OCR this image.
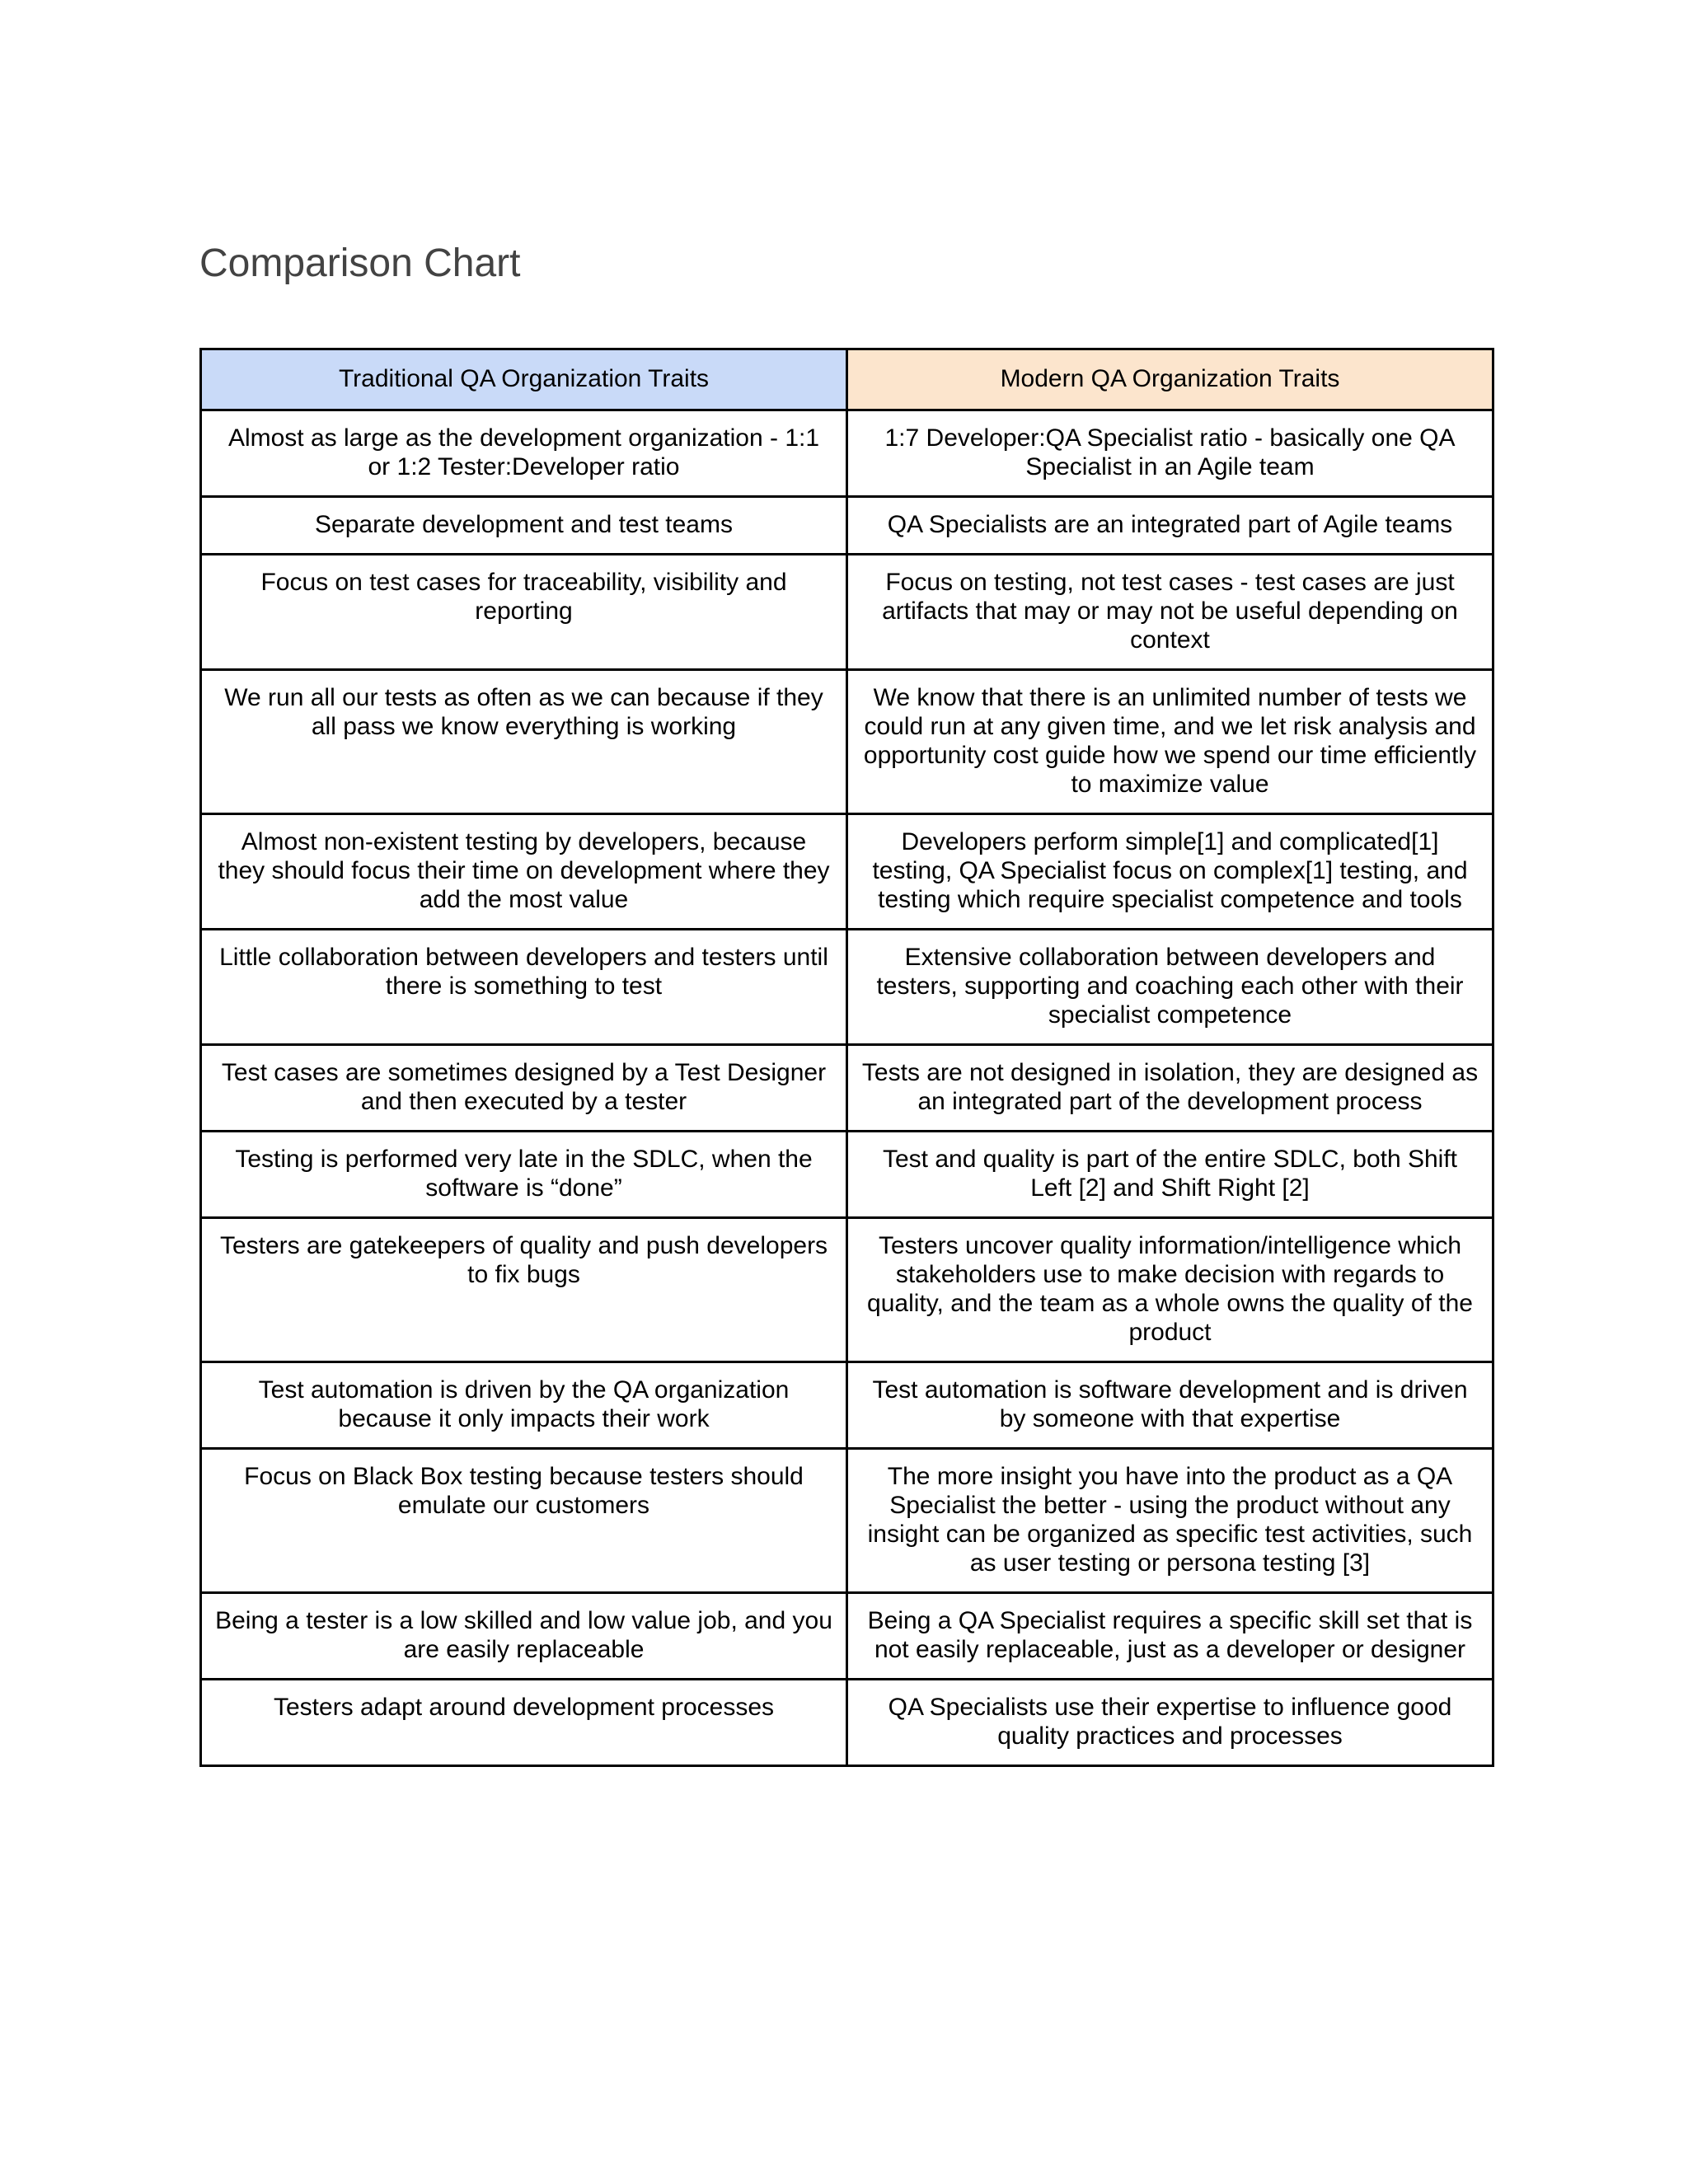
Comparison Chart
Traditional QA Organization Traits	Modern QA Organization Traits
Almost as large as the development organization - 1:1 or 1:2 Tester:Developer ratio	1:7 Developer:QA Specialist ratio - basically one QA Specialist in an Agile team
Separate development and test teams	QA Specialists are an integrated part of Agile teams
Focus on test cases for traceability, visibility and reporting	Focus on testing, not test cases - test cases are just artifacts that may or may not be useful depending on context
We run all our tests as often as we can because if they all pass we know everything is working	We know that there is an unlimited number of tests we could run at any given time, and we let risk analysis and opportunity cost guide how we spend our time efficiently to maximize value
Almost non-existent testing by developers, because they should focus their time on development where they add the most value	Developers perform simple[1] and complicated[1] testing, QA Specialist focus on complex[1] testing, and testing which require specialist competence and tools
Little collaboration between developers and testers until there is something to test	Extensive collaboration between developers and testers, supporting and coaching each other with their specialist competence
Test cases are sometimes designed by a Test Designer and then executed by a tester	Tests are not designed in isolation, they are designed as an integrated part of the development process
Testing is performed very late in the SDLC, when the software is “done”	Test and quality is part of the entire SDLC, both Shift Left [2] and Shift Right [2]
Testers are gatekeepers of quality and push developers to fix bugs	Testers uncover quality information/intelligence which stakeholders use to make decision with regards to quality, and the team as a whole owns the quality of the product
Test automation is driven by the QA organization because it only impacts their work	Test automation is software development and is driven by someone with that expertise
Focus on Black Box testing because testers should emulate our customers	The more insight you have into the product as a QA Specialist the better - using the product without any insight can be organized as specific test activities, such as user testing or persona testing [3]
Being a tester is a low skilled and low value job, and you are easily replaceable	Being a QA Specialist requires a specific skill set that is not easily replaceable, just as a developer or designer
Testers adapt around development processes	QA Specialists use their expertise to influence good quality practices and processes
